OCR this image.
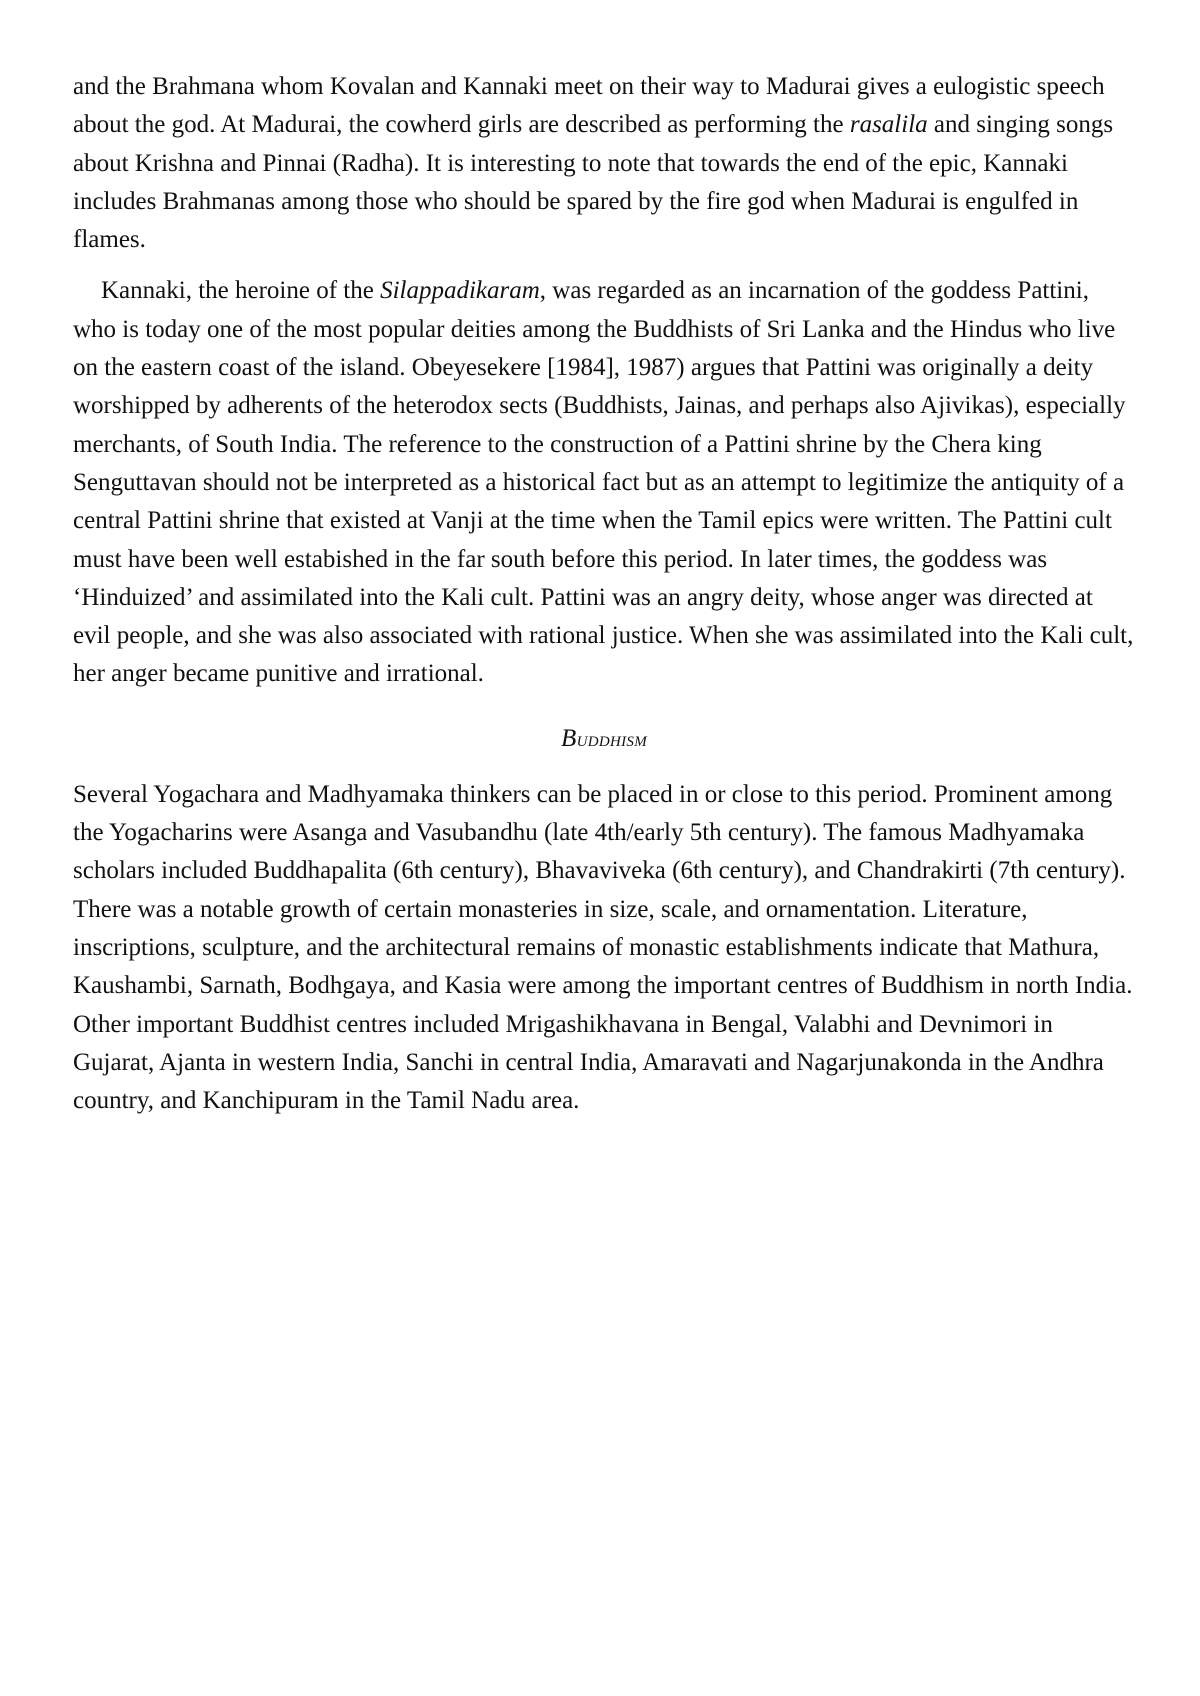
and the Brahmana whom Kovalan and Kannaki meet on their way to Madurai gives a eulogistic speech about the god. At Madurai, the cowherd girls are described as performing the rasalila and singing songs about Krishna and Pinnai (Radha). It is interesting to note that towards the end of the epic, Kannaki includes Brahmanas among those who should be spared by the fire god when Madurai is engulfed in flames.

Kannaki, the heroine of the Silappadikaram, was regarded as an incarnation of the goddess Pattini, who is today one of the most popular deities among the Buddhists of Sri Lanka and the Hindus who live on the eastern coast of the island. Obeyesekere [1984], 1987) argues that Pattini was originally a deity worshipped by adherents of the heterodox sects (Buddhists, Jainas, and perhaps also Ajivikas), especially merchants, of South India. The reference to the construction of a Pattini shrine by the Chera king Senguttavan should not be interpreted as a historical fact but as an attempt to legitimize the antiquity of a central Pattini shrine that existed at Vanji at the time when the Tamil epics were written. The Pattini cult must have been well estabished in the far south before this period. In later times, the goddess was ‘Hinduized’ and assimilated into the Kali cult. Pattini was an angry deity, whose anger was directed at evil people, and she was also associated with rational justice. When she was assimilated into the Kali cult, her anger became punitive and irrational.

Buddhism

Several Yogachara and Madhyamaka thinkers can be placed in or close to this period. Prominent among the Yogacharins were Asanga and Vasubandhu (late 4th/early 5th century). The famous Madhyamaka scholars included Buddhapalita (6th century), Bhavaviveka (6th century), and Chandrakirti (7th century). There was a notable growth of certain monasteries in size, scale, and ornamentation. Literature, inscriptions, sculpture, and the architectural remains of monastic establishments indicate that Mathura, Kaushambi, Sarnath, Bodhgaya, and Kasia were among the important centres of Buddhism in north India. Other important Buddhist centres included Mrigashikhavana in Bengal, Valabhi and Devnimori in Gujarat, Ajanta in western India, Sanchi in central India, Amaravati and Nagarjunakonda in the Andhra country, and Kanchipuram in the Tamil Nadu area.
